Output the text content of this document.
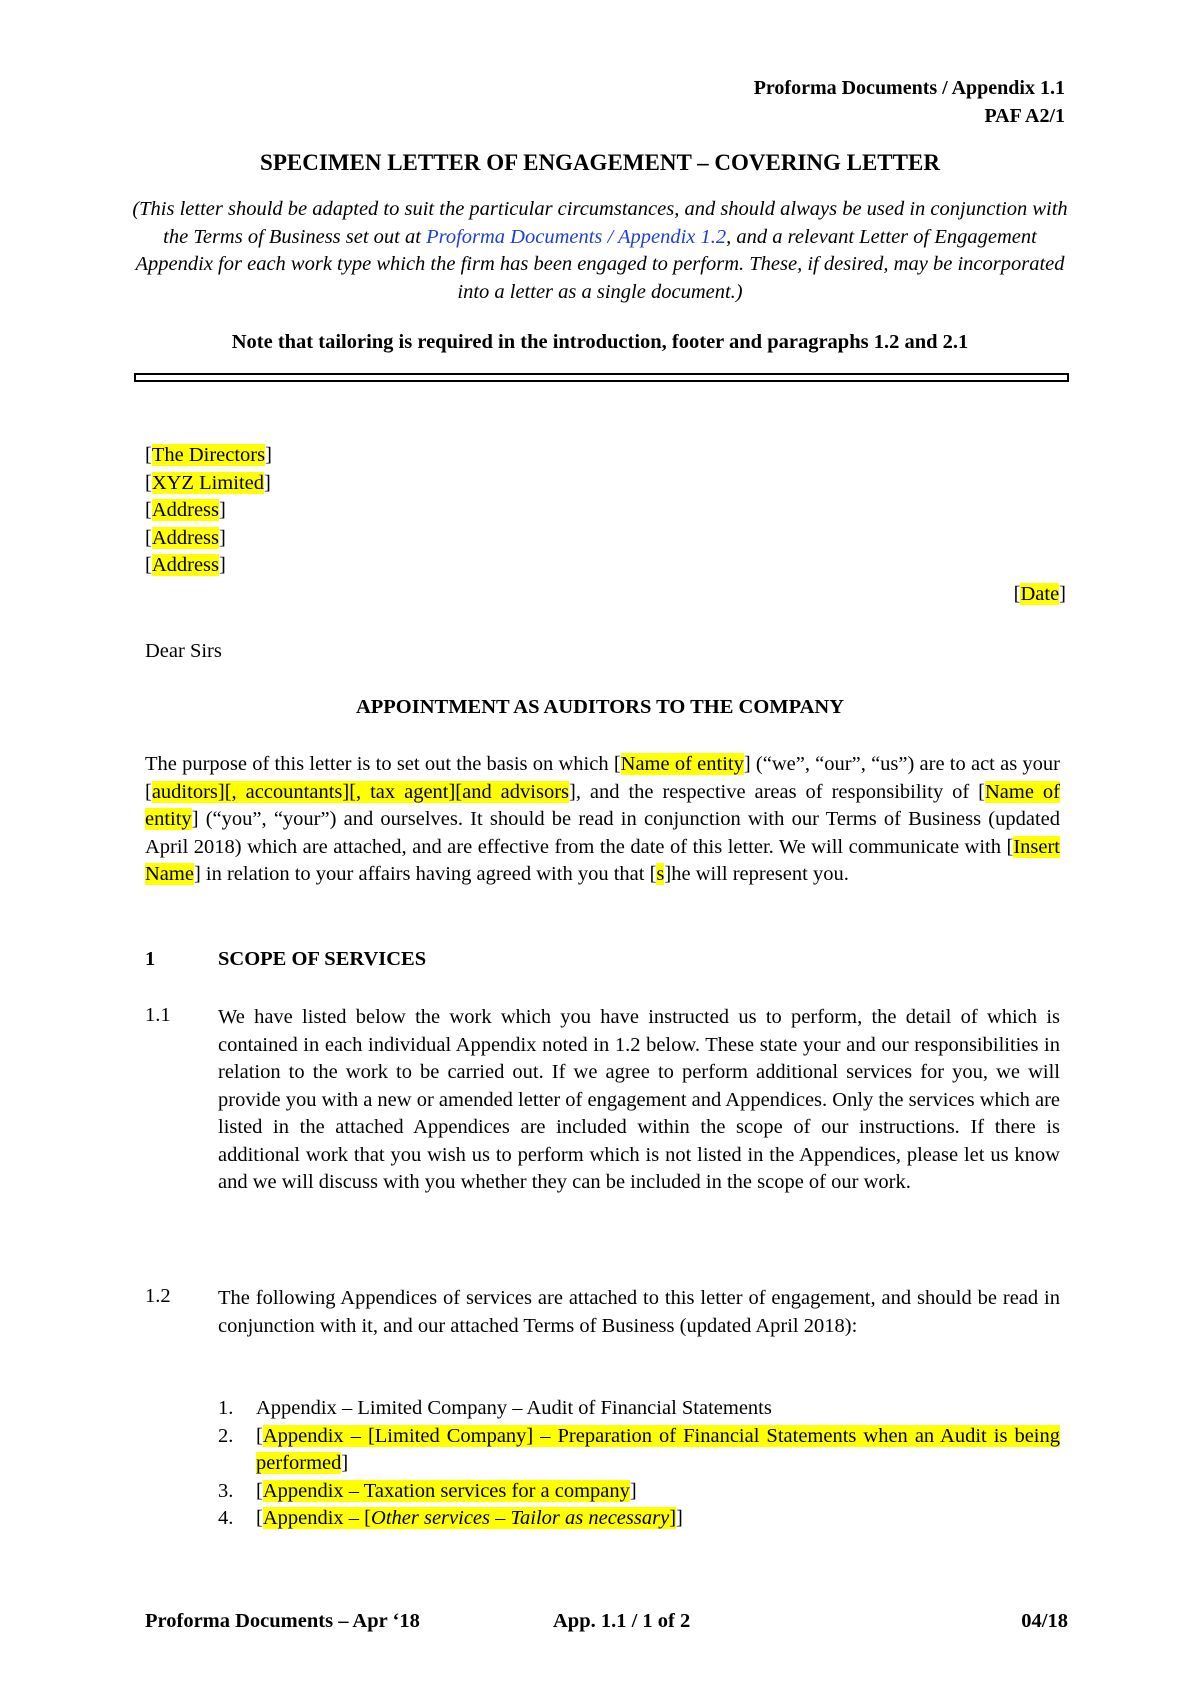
Proforma Documents / Appendix 1.1
PAF A2/1
SPECIMEN LETTER OF ENGAGEMENT – COVERING LETTER
(This letter should be adapted to suit the particular circumstances, and should always be used in conjunction with the Terms of Business set out at Proforma Documents / Appendix 1.2, and a relevant Letter of Engagement Appendix for each work type which the firm has been engaged to perform. These, if desired, may be incorporated into a letter as a single document.)
Note that tailoring is required in the introduction, footer and paragraphs 1.2 and 2.1
[The Directors]
[XYZ Limited]
[Address]
[Address]
[Address]
[Date]
Dear Sirs
APPOINTMENT AS AUDITORS TO THE COMPANY
The purpose of this letter is to set out the basis on which [Name of entity] (“we”, “our”, “us”) are to act as your [auditors][, accountants][, tax agent][and advisors], and the respective areas of responsibility of [Name of entity] (“you”, “your”) and ourselves. It should be read in conjunction with our Terms of Business (updated April 2018) which are attached, and are effective from the date of this letter. We will communicate with [Insert Name] in relation to your affairs having agreed with you that [s]he will represent you.
1	SCOPE OF SERVICES
1.1 We have listed below the work which you have instructed us to perform, the detail of which is contained in each individual Appendix noted in 1.2 below. These state your and our responsibilities in relation to the work to be carried out. If we agree to perform additional services for you, we will provide you with a new or amended letter of engagement and Appendices. Only the services which are listed in the attached Appendices are included within the scope of our instructions. If there is additional work that you wish us to perform which is not listed in the Appendices, please let us know and we will discuss with you whether they can be included in the scope of our work.
1.2 The following Appendices of services are attached to this letter of engagement, and should be read in conjunction with it, and our attached Terms of Business (updated April 2018):
1. Appendix – Limited Company – Audit of Financial Statements
2. [Appendix – [Limited Company] – Preparation of Financial Statements when an Audit is being performed]
3. [Appendix – Taxation services for a company]
4. [Appendix – [Other services – Tailor as necessary]]
Proforma Documents – Apr ‘18	App. 1.1 / 1 of 2	04/18
